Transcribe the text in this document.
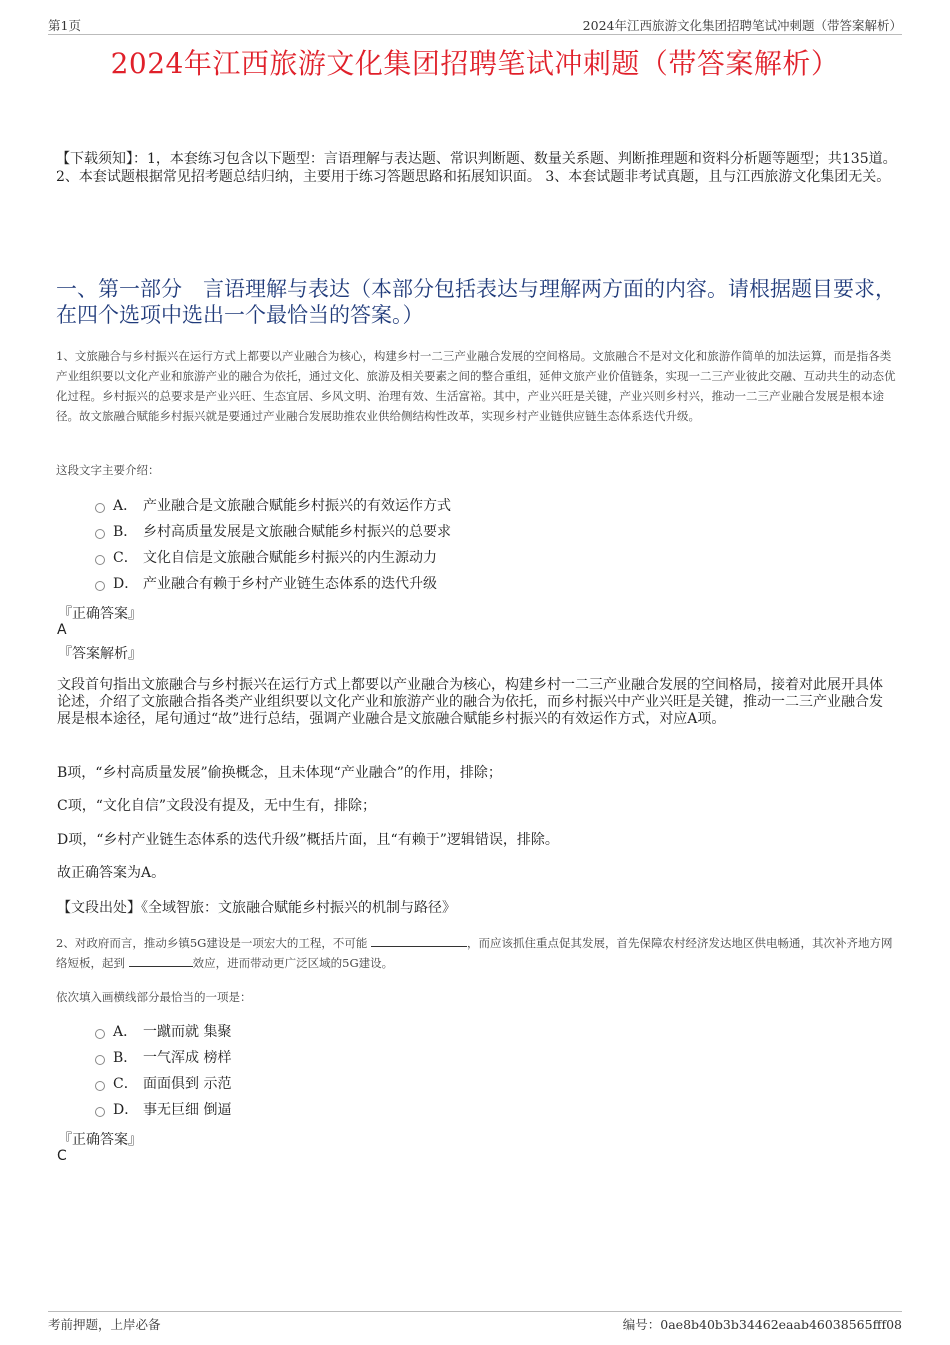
第1页	2024年江西旅游文化集团招聘笔试冲刺题（带答案解析）
2024年江西旅游文化集团招聘笔试冲刺题（带答案解析）
【下载须知】：1，本套练习包含以下题型：言语理解与表达题、常识判断题、数量关系题、判断推理题和资料分析题等题型；共135道。 2、本套试题根据常见招考题总结归纳，主要用于练习答题思路和拓展知识面。 3、本套试题非考试真题，且与江西旅游文化集团无关。
一、第一部分　言语理解与表达（本部分包括表达与理解两方面的内容。请根据题目要求，在四个选项中选出一个最恰当的答案。）
1、文旅融合与乡村振兴在运行方式上都要以产业融合为核心，构建乡村一二三产业融合发展的空间格局。文旅融合不是对文化和旅游作简单的加法运算，而是指各类产业组织要以文化产业和旅游产业的融合为依托，通过文化、旅游及相关要素之间的整合重组，延伸文旅产业价值链条，实现一二三产业彼此交融、互动共生的动态优化过程。乡村振兴的总要求是产业兴旺、生态宜居、乡风文明、治理有效、生活富裕。其中，产业兴旺是关键，产业兴则乡村兴，推动一二三产业融合发展是根本途径。故文旅融合赋能乡村振兴就是要通过产业融合发展助推农业供给侧结构性改革，实现乡村产业链供应链生态体系迭代升级。
这段文字主要介绍：
A． 产业融合是文旅融合赋能乡村振兴的有效运作方式
B． 乡村高质量发展是文旅融合赋能乡村振兴的总要求
C． 文化自信是文旅融合赋能乡村振兴的内生源动力
D． 产业融合有赖于乡村产业链生态体系的迭代升级
『正确答案』
A
『答案解析』
文段首句指出文旅融合与乡村振兴在运行方式上都要以产业融合为核心，构建乡村一二三产业融合发展的空间格局，接着对此展开具体论述，介绍了文旅融合指各类产业组织要以文化产业和旅游产业的融合为依托，而乡村振兴中产业兴旺是关键，推动一二三产业融合发展是根本途径，尾句通过“故”进行总结，强调产业融合是文旅融合赋能乡村振兴的有效运作方式，对应A项。
B项，“乡村高质量发展”偷换概念，且未体现“产业融合”的作用，排除；
C项，“文化自信”文段没有提及，无中生有，排除；
D项，“乡村产业链生态体系的迭代升级”概括片面，且“有赖于”逻辑错误，排除。
故正确答案为A。
【文段出处】《全域智旅：文旅融合赋能乡村振兴的机制与路径》
2、对政府而言，推动乡镇5G建设是一项宏大的工程，不可能	，而应该抓住重点促其发展，首先保障农村经济发达地区供电畅通，其次补齐地方网络短板，起到	效应，进而带动更广泛区域的5G建设。
依次填入画横线部分最恰当的一项是：
A． 一蹴而就 集聚
B． 一气浑成 榜样
C． 面面俱到 示范
D． 事无巨细 倒逼
『正确答案』
C
考前押题，上岸必备	编号：0ae8b40b3b34462eaab46038565fff08
